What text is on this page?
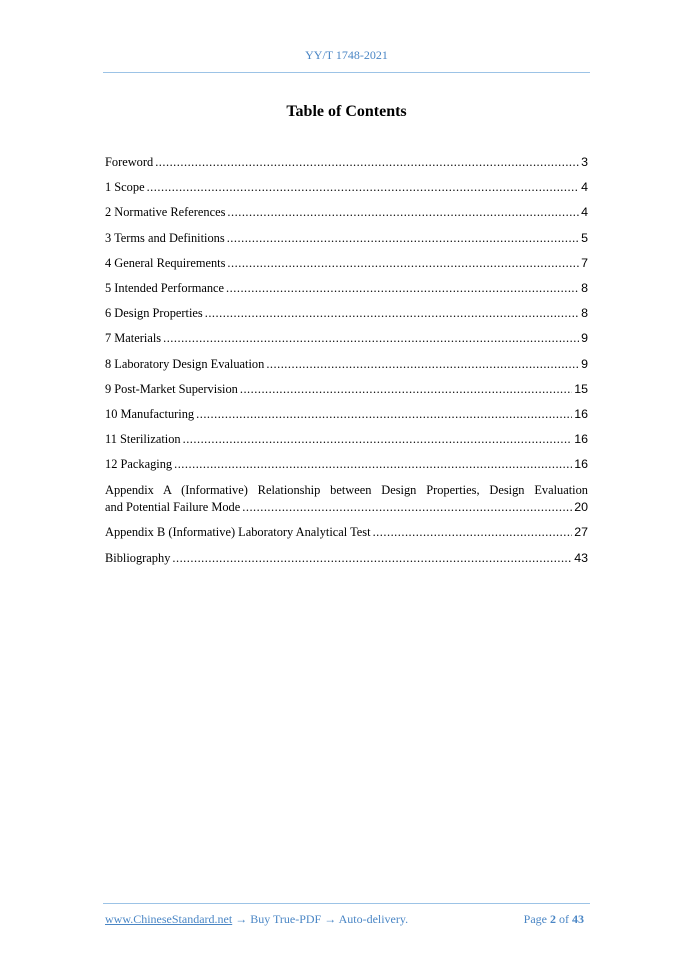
YY/T 1748-2021
Table of Contents
Foreword .....	3
1 Scope .....	4
2 Normative References .....	4
3 Terms and Definitions .....	5
4 General Requirements .....	7
5 Intended Performance .....	8
6 Design Properties .....	8
7 Materials .....	9
8 Laboratory Design Evaluation .....	9
9 Post-Market Supervision .....	15
10 Manufacturing .....	16
11 Sterilization .....	16
12 Packaging .....	16
Appendix A (Informative) Relationship between Design Properties, Design Evaluation
and Potential Failure Mode .....	20
Appendix B (Informative) Laboratory Analytical Test .....	27
Bibliography .....	43
www.ChineseStandard.net → Buy True-PDF → Auto-delivery.	Page 2 of 43
